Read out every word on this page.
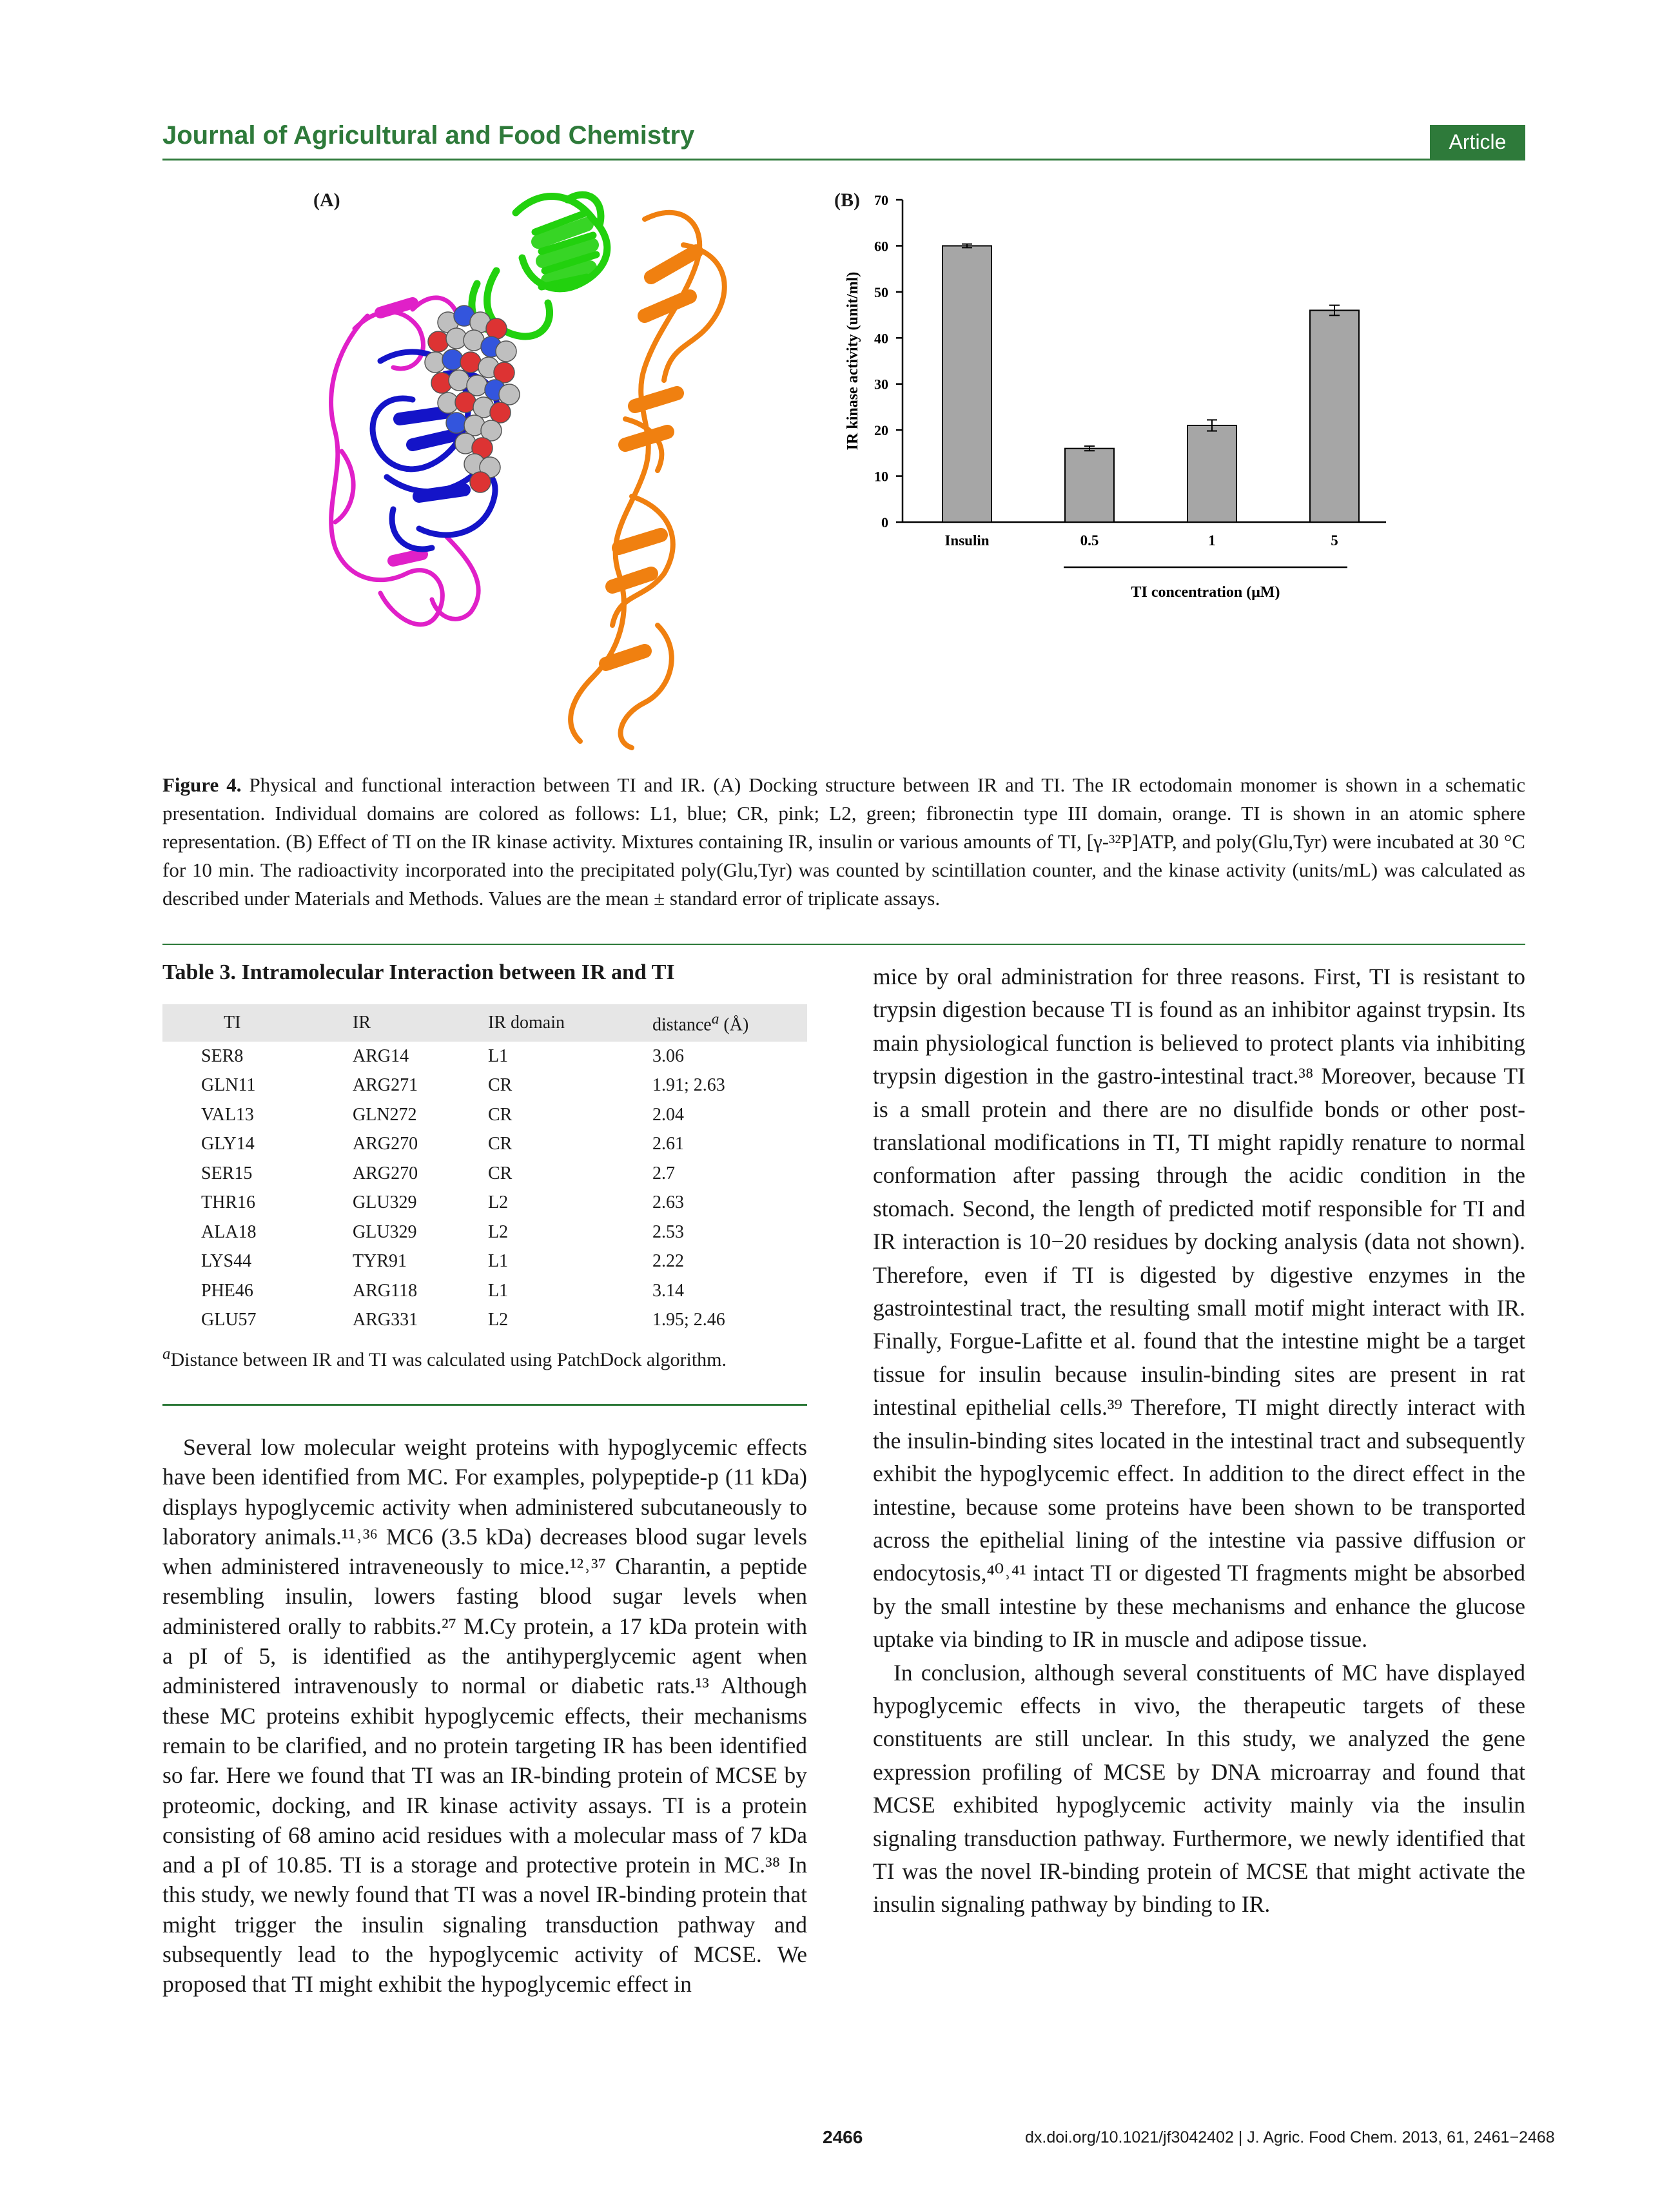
Journal of Agricultural and Food Chemistry	Article
(A)	(B)
0
10
20
30
40
50
60
70
Insulin	0.5	1	5
IR kinase activity (unit/ml)
TI concentration (μM)
Figure 4. Physical and functional interaction between TI and IR. (A) Docking structure between IR and TI. The IR ectodomain monomer is shown in a schematic presentation. Individual domains are colored as follows: L1, blue; CR, pink; L2, green; fibronectin type III domain, orange. TI is shown in an atomic sphere representation. (B) Effect of TI on the IR kinase activity. Mixtures containing IR, insulin or various amounts of TI, [γ-³²P]ATP, and poly(Glu,Tyr) were incubated at 30 °C for 10 min. The radioactivity incorporated into the precipitated poly(Glu,Tyr) was counted by scintillation counter, and the kinase activity (units/mL) was calculated as described under Materials and Methods. Values are the mean ± standard error of triplicate assays.
Table 3. Intramolecular Interaction between IR and TI
TI	IR	IR domain	distance$^a$ (Å)
SER8	ARG14	L1	3.06
GLN11	ARG271	CR	1.91; 2.63
VAL13	GLN272	CR	2.04
GLY14	ARG270	CR	2.61
SER15	ARG270	CR	2.7
THR16	GLU329	L2	2.63
ALA18	GLU329	L2	2.53
LYS44	TYR91	L1	2.22
PHE46	ARG118	L1	3.14
GLU57	ARG331	L2	1.95; 2.46
$^a$Distance between IR and TI was calculated using PatchDock algorithm.
Several low molecular weight proteins with hypoglycemic effects have been identified from MC. For examples, polypeptide-p (11 kDa) displays hypoglycemic activity when administered subcutaneously to laboratory animals.¹¹˒³⁶ MC6 (3.5 kDa) decreases blood sugar levels when administered intraveneously to mice.¹²˒³⁷ Charantin, a peptide resembling insulin, lowers fasting blood sugar levels when administered orally to rabbits.²⁷ M.Cy protein, a 17 kDa protein with a pI of 5, is identified as the antihyperglycemic agent when administered intravenously to normal or diabetic rats.¹³ Although these MC proteins exhibit hypoglycemic effects, their mechanisms remain to be clarified, and no protein targeting IR has been identified so far. Here we found that TI was an IR-binding protein of MCSE by proteomic, docking, and IR kinase activity assays. TI is a protein consisting of 68 amino acid residues with a molecular mass of 7 kDa and a pI of 10.85. TI is a storage and protective protein in MC.³⁸ In this study, we newly found that TI was a novel IR-binding protein that might trigger the insulin signaling transduction pathway and subsequently lead to the hypoglycemic activity of MCSE. We proposed that TI might exhibit the hypoglycemic effect in
mice by oral administration for three reasons. First, TI is resistant to trypsin digestion because TI is found as an inhibitor against trypsin. Its main physiological function is believed to protect plants via inhibiting trypsin digestion in the gastro-intestinal tract.³⁸ Moreover, because TI is a small protein and there are no disulfide bonds or other post-translational modifications in TI, TI might rapidly renature to normal conformation after passing through the acidic condition in the stomach. Second, the length of predicted motif responsible for TI and IR interaction is 10−20 residues by docking analysis (data not shown). Therefore, even if TI is digested by digestive enzymes in the gastrointestinal tract, the resulting small motif might interact with IR. Finally, Forgue-Lafitte et al. found that the intestine might be a target tissue for insulin because insulin-binding sites are present in rat intestinal epithelial cells.³⁹ Therefore, TI might directly interact with the insulin-binding sites located in the intestinal tract and subsequently exhibit the hypoglycemic effect. In addition to the direct effect in the intestine, because some proteins have been shown to be transported across the epithelial lining of the intestine via passive diffusion or endocytosis,⁴⁰˒⁴¹ intact TI or digested TI fragments might be absorbed by the small intestine by these mechanisms and enhance the glucose uptake via binding to IR in muscle and adipose tissue.
In conclusion, although several constituents of MC have displayed hypoglycemic effects in vivo, the therapeutic targets of these constituents are still unclear. In this study, we analyzed the gene expression profiling of MCSE by DNA microarray and found that MCSE exhibited hypoglycemic activity mainly via the insulin signaling transduction pathway. Furthermore, we newly identified that TI was the novel IR-binding protein of MCSE that might activate the insulin signaling pathway by binding to IR.
2466	dx.doi.org/10.1021/jf3042402 | J. Agric. Food Chem. 2013, 61, 2461−2468
